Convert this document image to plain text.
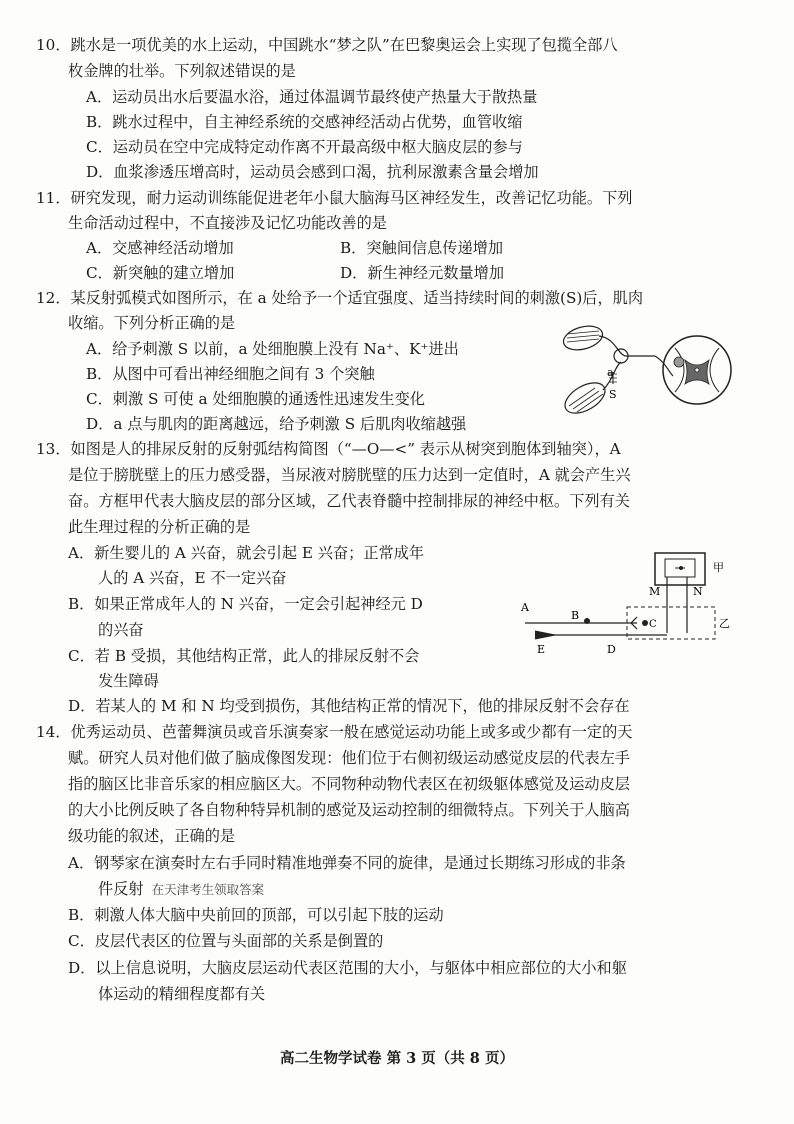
10．跳水是一项优美的水上运动，中国跳水“梦之队”在巴黎奥运会上实现了包揽全部八
枚金牌的壮举。下列叙述错误的是
A．运动员出水后要温水浴，通过体温调节最终使产热量大于散热量
B．跳水过程中，自主神经系统的交感神经活动占优势，血管收缩
C．运动员在空中完成特定动作离不开最高级中枢大脑皮层的参与
D．血浆渗透压增高时，运动员会感到口渴，抗利尿激素含量会增加
11．研究发现，耐力运动训练能促进老年小鼠大脑海马区神经发生，改善记忆功能。下列
生命活动过程中，不直接涉及记忆功能改善的是
A．交感神经活动增加	B．突触间信息传递增加
C．新突触的建立增加	D．新生神经元数量增加
12．某反射弧模式如图所示，在 a 处给予一个适宜强度、适当持续时间的刺激(S)后，肌肉
收缩。下列分析正确的是
A．给予刺激 S 以前，a 处细胞膜上没有 Na⁺、K⁺进出
B．从图中可看出神经细胞之间有 3 个突触
C．刺激 S 可使 a 处细胞膜的通透性迅速发生变化
D．a 点与肌肉的距离越远，给予刺激 S 后肌肉收缩越强
a
S
13．如图是人的排尿反射的反射弧结构简图（“—O—<” 表示从树突到胞体到轴突），A
是位于膀胱壁上的压力感受器，当尿液对膀胱壁的压力达到一定值时，A 就会产生兴
奋。方框甲代表大脑皮层的部分区域，乙代表脊髓中控制排尿的神经中枢。下列有关
此生理过程的分析正确的是
A．新生婴儿的 A 兴奋，就会引起 E 兴奋；正常成年
人的 A 兴奋，E 不一定兴奋
B．如果正常成年人的 N 兴奋，一定会引起神经元 D
的兴奋
C．若 B 受损，其他结构正常，此人的排尿反射不会
发生障碍
D．若某人的 M 和 N 均受到损伤，其他结构正常的情况下，他的排尿反射不会存在
甲
M	N
乙
A
B
C
E	D
14．优秀运动员、芭蕾舞演员或音乐演奏家一般在感觉运动功能上或多或少都有一定的天
赋。研究人员对他们做了脑成像图发现：他们位于右侧初级运动感觉皮层的代表左手
指的脑区比非音乐家的相应脑区大。不同物种动物代表区在初级躯体感觉及运动皮层
的大小比例反映了各自物种特异机制的感觉及运动控制的细微特点。下列关于人脑高
级功能的叙述，正确的是
A．钢琴家在演奏时左右手同时精准地弹奏不同的旋律，是通过长期练习形成的非条
件反射 在天津考生领取答案
B．刺激人体大脑中央前回的顶部，可以引起下肢的运动
C．皮层代表区的位置与头面部的关系是倒置的
D．以上信息说明，大脑皮层运动代表区范围的大小，与躯体中相应部位的大小和躯
体运动的精细程度都有关
高二生物学试卷 第 3 页（共 8 页）
